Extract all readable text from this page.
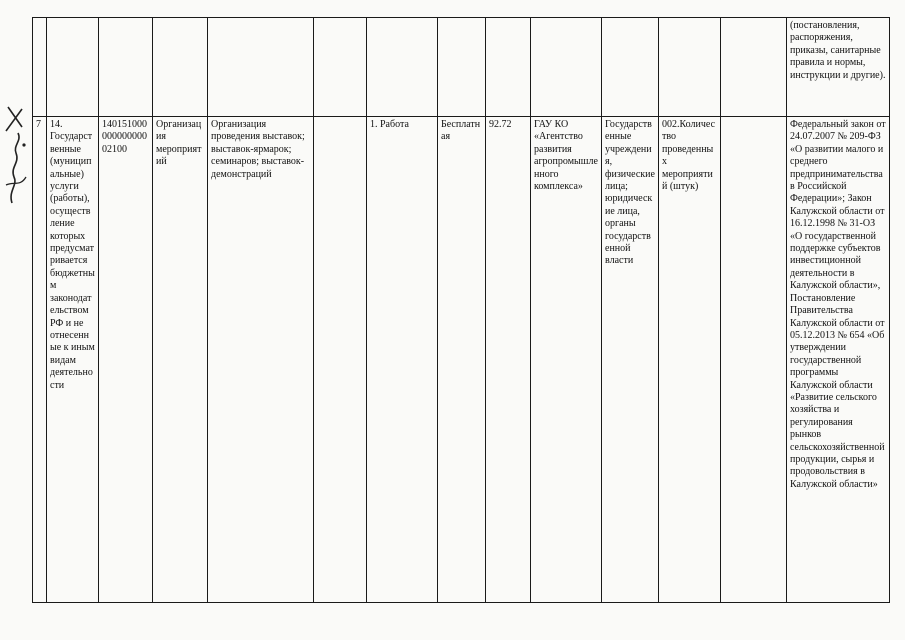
													(постановления, распоряжения, приказы, санитарные правила и нормы, инструкции и другие).
7	14. Государственные (муниципальные) услуги (работы), осуществление которых предусматривается бюджетным законодательством РФ и не отнесенные к иным видам деятельности	14015100000000000002100	Организация мероприятий	Организация проведения выставок; выставок-ярмарок; семинаров; выставок-демонстраций		1. Работа	Бесплатная	92.72	ГАУ КО «Агентство развития агропромышленного комплекса»	Государственные учреждения, физические лица; юридические лица, органы государственной власти	002.Количество проведенных мероприятий (штук)		Федеральный закон от 24.07.2007 № 209-ФЗ «О развитии малого и среднего предпринимательства в Российской Федерации»; Закон Калужской области от 16.12.1998 № 31-ОЗ «О государственной поддержке субъектов инвестиционной деятельности в Калужской области», Постановление Правительства Калужской области от 05.12.2013 № 654 «Об утверждении государственной программы Калужской области «Развитие сельского хозяйства и регулирования рынков сельскохозяйственной продукции, сырья и продовольствия в Калужской области»
